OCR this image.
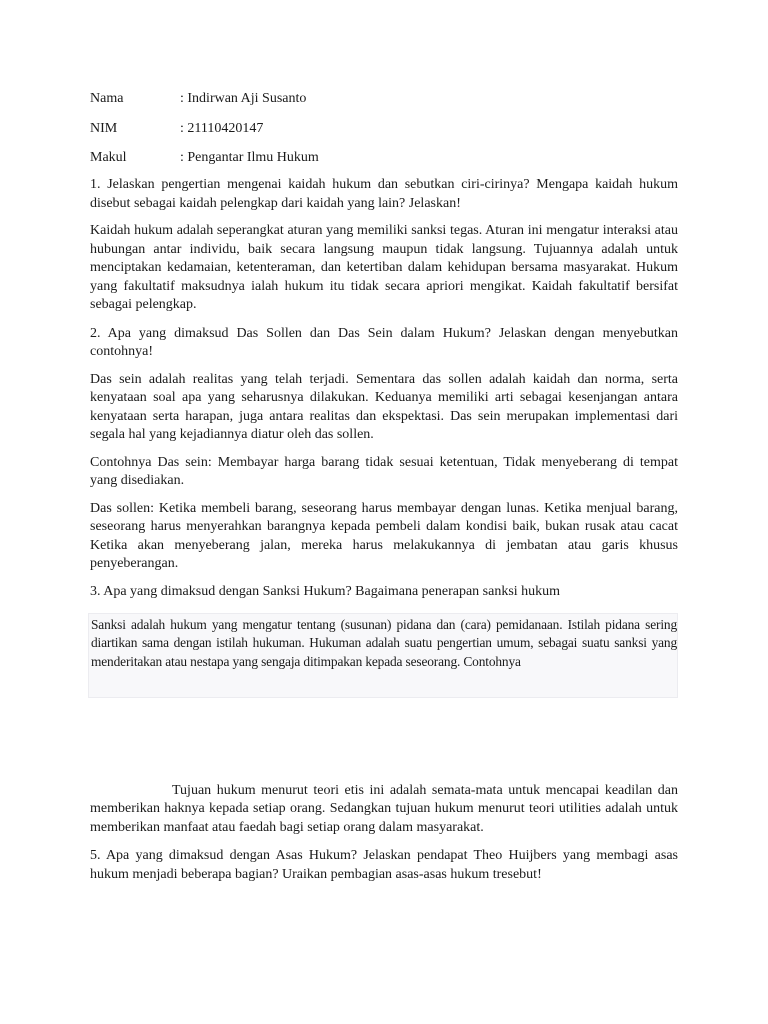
Nama	: Indirwan Aji Susanto
NIM	: 21110420147
Makul	: Pengantar Ilmu Hukum

1. Jelaskan pengertian mengenai kaidah hukum dan sebutkan ciri-cirinya? Mengapa kaidah hukum disebut sebagai kaidah pelengkap dari kaidah yang lain? Jelaskan!

Kaidah hukum adalah seperangkat aturan yang memiliki sanksi tegas. Aturan ini mengatur interaksi atau hubungan antar individu, baik secara langsung maupun tidak langsung. Tujuannya adalah untuk menciptakan kedamaian, ketenteraman, dan ketertiban dalam kehidupan bersama masyarakat. Hukum yang fakultatif maksudnya ialah hukum itu tidak secara apriori mengikat. Kaidah fakultatif bersifat sebagai pelengkap.

2. Apa yang dimaksud Das Sollen dan Das Sein dalam Hukum? Jelaskan dengan menyebutkan contohnya!

Das sein adalah realitas yang telah terjadi. Sementara das sollen adalah kaidah dan norma, serta kenyataan soal apa yang seharusnya dilakukan. Keduanya memiliki arti sebagai kesenjangan antara kenyataan serta harapan, juga antara realitas dan ekspektasi. Das sein merupakan implementasi dari segala hal yang kejadiannya diatur oleh das sollen.

Contohnya Das sein: Membayar harga barang tidak sesuai ketentuan, Tidak menyeberang di tempat yang disediakan.

Das sollen: Ketika membeli barang, seseorang harus membayar dengan lunas. Ketika menjual barang, seseorang harus menyerahkan barangnya kepada pembeli dalam kondisi baik, bukan rusak atau cacat Ketika akan menyeberang jalan, mereka harus melakukannya di jembatan atau garis khusus penyeberangan.

3. Apa yang dimaksud dengan Sanksi Hukum? Bagaimana penerapan sanksi hukum

Sanksi adalah hukum yang mengatur tentang (susunan) pidana dan (cara) pemidanaan. Istilah pidana sering diartikan sama dengan istilah hukuman. Hukuman adalah suatu pengertian umum, sebagai suatu sanksi yang menderitakan atau nestapa yang sengaja ditimpakan kepada seseorang. Contohnya

Tujuan hukum menurut teori etis ini adalah semata-mata untuk mencapai keadilan dan memberikan haknya kepada setiap orang. Sedangkan tujuan hukum menurut teori utilities adalah untuk memberikan manfaat atau faedah bagi setiap orang dalam masyarakat.

5. Apa yang dimaksud dengan Asas Hukum? Jelaskan pendapat Theo Huijbers yang membagi asas hukum menjadi beberapa bagian? Uraikan pembagian asas-asas hukum tresebut!
